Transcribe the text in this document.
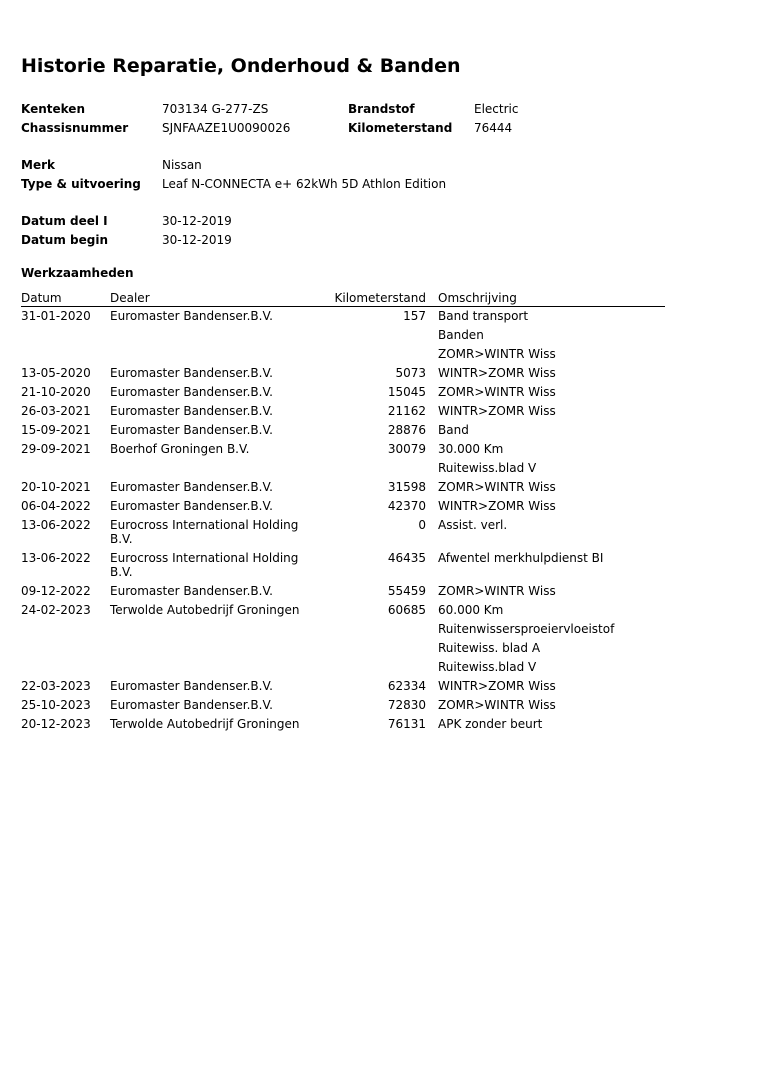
Historie Reparatie, Onderhoud & Banden
Kenteken	703134 G-277-ZS	Brandstof	Electric
Chassisnummer	SJNFAAZE1U0090026	Kilometerstand 76444
Merk	Nissan
Type & uitvoering Leaf N-CONNECTA e+ 62kWh 5D Athlon Edition
Datum deel I	30-12-2019
Datum begin	30-12-2019
Werkzaamheden
Datum	Dealer	Kilometerstand	Omschrijving

31-01-2020	Euromaster Bandenser.B.V.	157	Band transport
Banden
ZOMR>WINTR Wiss

13-05-2020	Euromaster Bandenser.B.V.	5073	WINTR>ZOMR Wiss

21-10-2020	Euromaster Bandenser.B.V.	15045	ZOMR>WINTR Wiss

26-03-2021	Euromaster Bandenser.B.V.	21162	WINTR>ZOMR Wiss

15-09-2021	Euromaster Bandenser.B.V.	28876	Band

29-09-2021	Boerhof Groningen B.V.	30079	30.000 Km
Ruitewiss.blad V

20-10-2021	Euromaster Bandenser.B.V.	31598	ZOMR>WINTR Wiss

06-04-2022	Euromaster Bandenser.B.V.	42370	WINTR>ZOMR Wiss

13-06-2022	Eurocross International Holding B.V.	0	Assist. verl.

13-06-2022	Eurocross International Holding B.V.	46435	Afwentel merkhulpdienst BI

09-12-2022	Euromaster Bandenser.B.V.	55459	ZOMR>WINTR Wiss

24-02-2023	Terwolde Autobedrijf Groningen	60685	60.000 Km
Ruitenwissersproeiervloeistof
Ruitewiss. blad A
Ruitewiss.blad V

22-03-2023	Euromaster Bandenser.B.V.	62334	WINTR>ZOMR Wiss

25-10-2023	Euromaster Bandenser.B.V.	72830	ZOMR>WINTR Wiss

20-12-2023	Terwolde Autobedrijf Groningen	76131	APK zonder beurt
